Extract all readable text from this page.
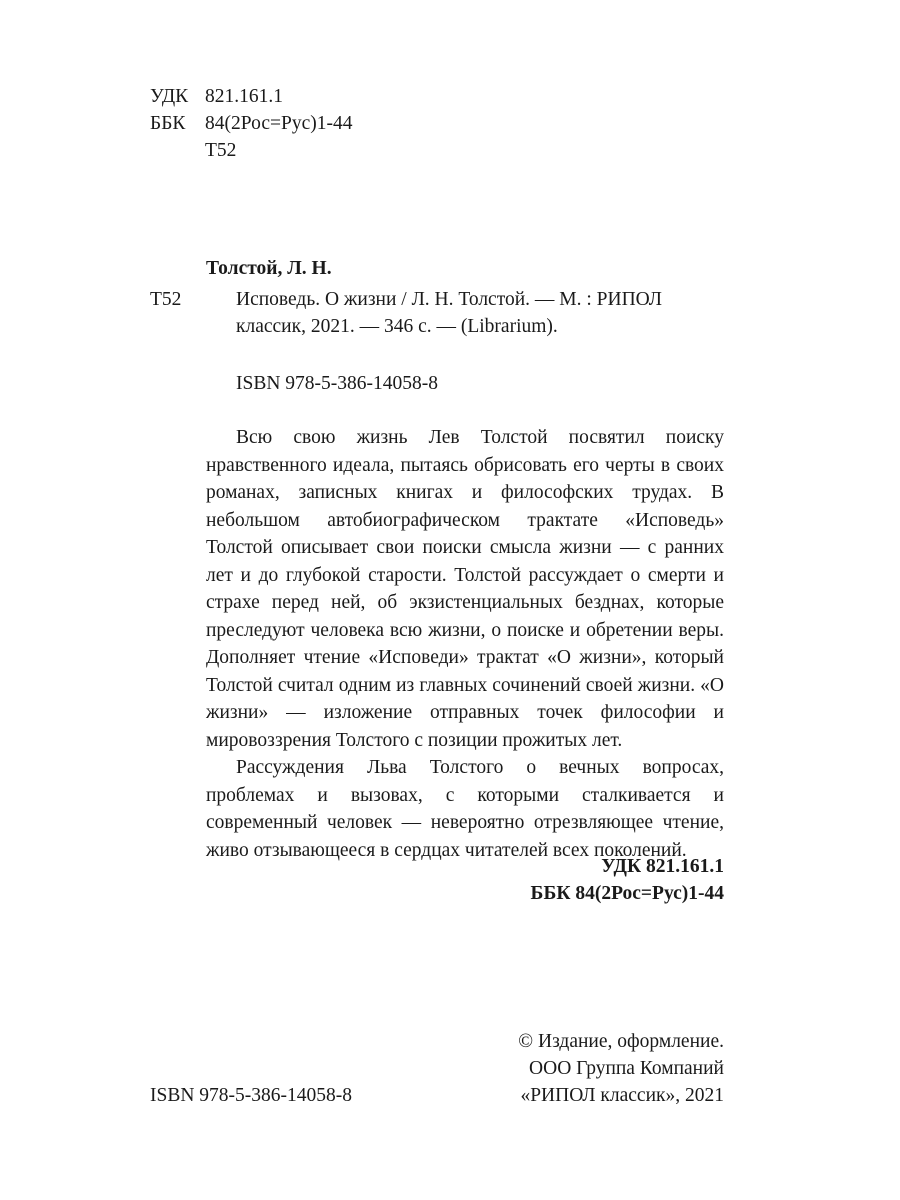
УДК 821.161.1
ББК 84(2Рос=Рус)1-44
Т52
Толстой, Л. Н.
Т52	Исповедь. О жизни / Л. Н. Толстой. — М. : РИПОЛ
классик, 2021. — 346 с. — (Librarium).
ISBN 978-5-386-14058-8

Всю свою жизнь Лев Толстой посвятил поиску нравственного идеала, пытаясь обрисовать его черты в своих романах, записных книгах и философских трудах. В небольшом автобиографическом трактате «Исповедь» Толстой описывает свои поиски смысла жизни — с ранних лет и до глубокой старости. Толстой рассуждает о смерти и страхе перед ней, об экзистенциальных безднах, которые преследуют человека всю жизни, о поиске и обретении веры. Дополняет чтение «Исповеди» трактат «О жизни», который Толстой считал одним из главных сочинений своей жизни. «О жизни» — изложение отправных точек философии и мировоззрения Толстого с позиции прожитых лет.

Рассуждения Льва Толстого о вечных вопросах, проблемах и вызовах, с которыми сталкивается и современный человек — невероятно отрезвляющее чтение, живо отзывающееся в сердцах читателей всех поколений.

УДК 821.161.1
ББК 84(2Рос=Рус)1-44
ISBN 978-5-386-14058-8
© Издание, оформление.
ООО Группа Компаний
«РИПОЛ классик», 2021
